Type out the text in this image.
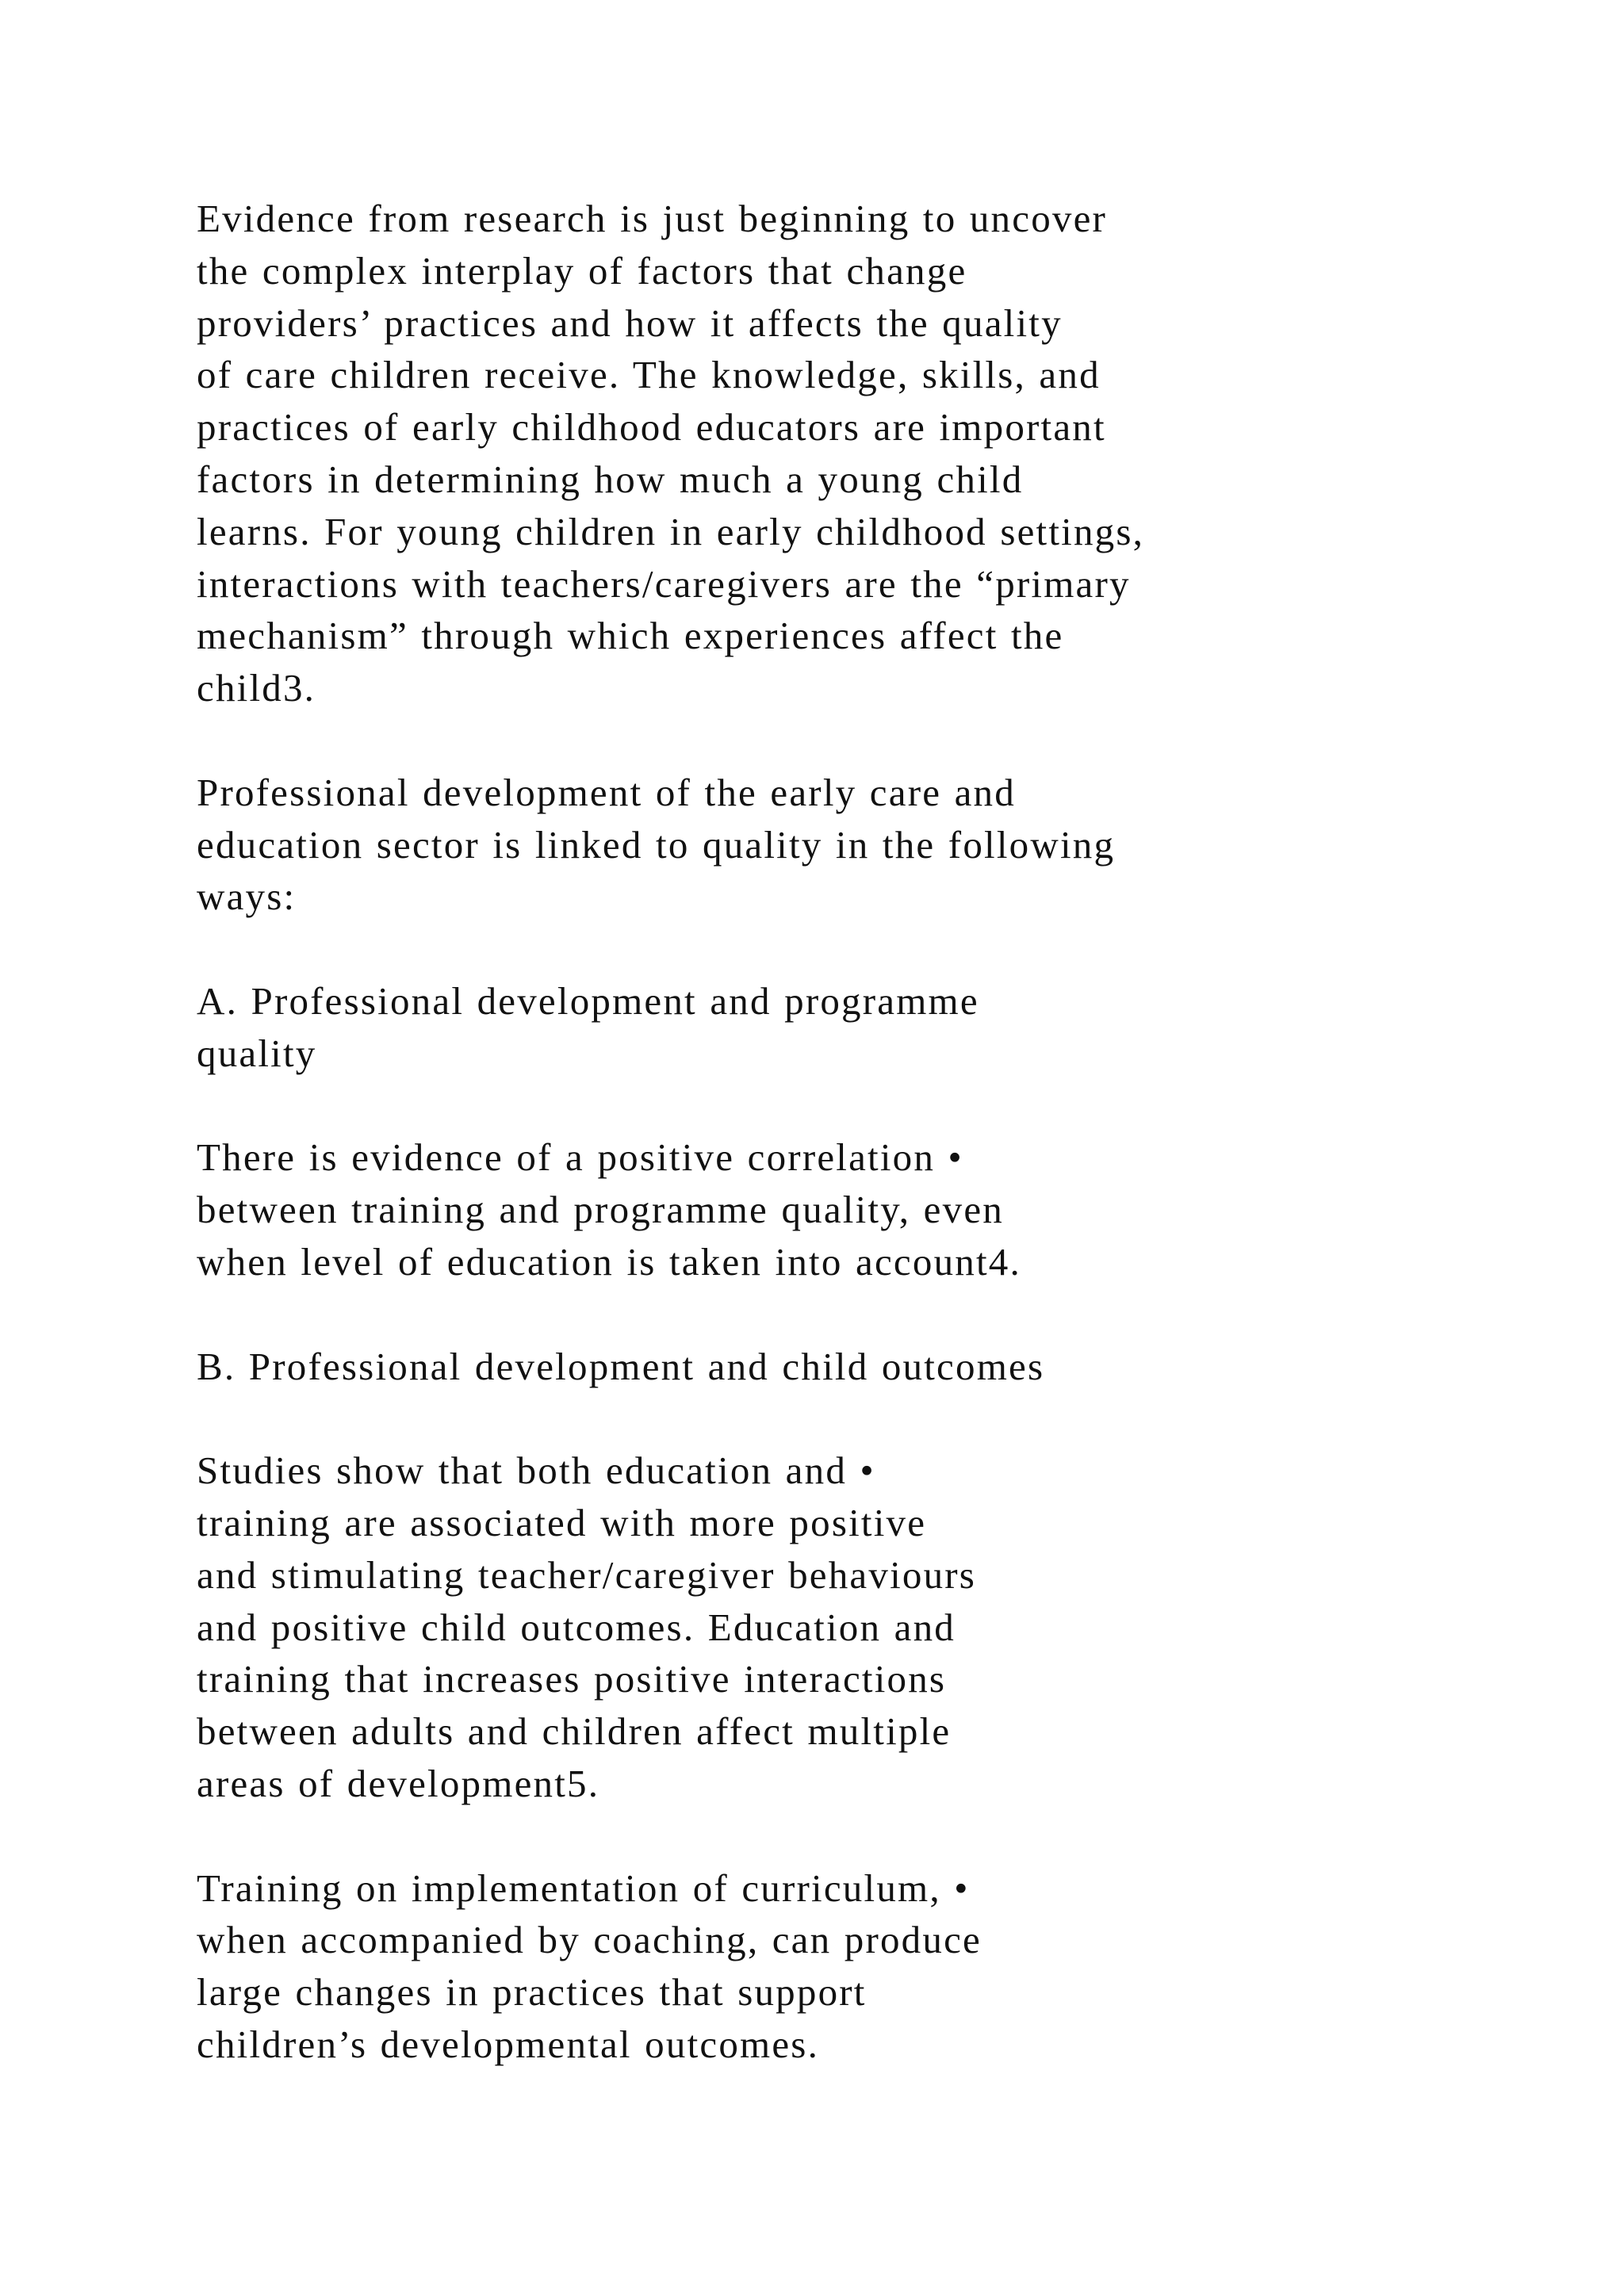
Evidence from research is just beginning to uncover
the complex interplay of factors that change
providers’ practices and how it affects the quality
of care children receive. The knowledge, skills, and
practices of early childhood educators are important
factors in determining how much a young child
learns. For young children in early childhood settings,
interactions with teachers/caregivers are the “primary
mechanism” through which experiences affect the
child3.

Professional development of the early care and
education sector is linked to quality in the following
ways:

A. Professional development and programme
quality

There is evidence of a positive correlation •
between training and programme quality, even
when level of education is taken into account4.

B. Professional development and child outcomes

Studies show that both education and •
training are associated with more positive
and stimulating teacher/caregiver behaviours
and positive child outcomes. Education and
training that increases positive interactions
between adults and children affect multiple
areas of development5.

Training on implementation of curriculum, •
when accompanied by coaching, can produce
large changes in practices that support
children’s developmental outcomes.
